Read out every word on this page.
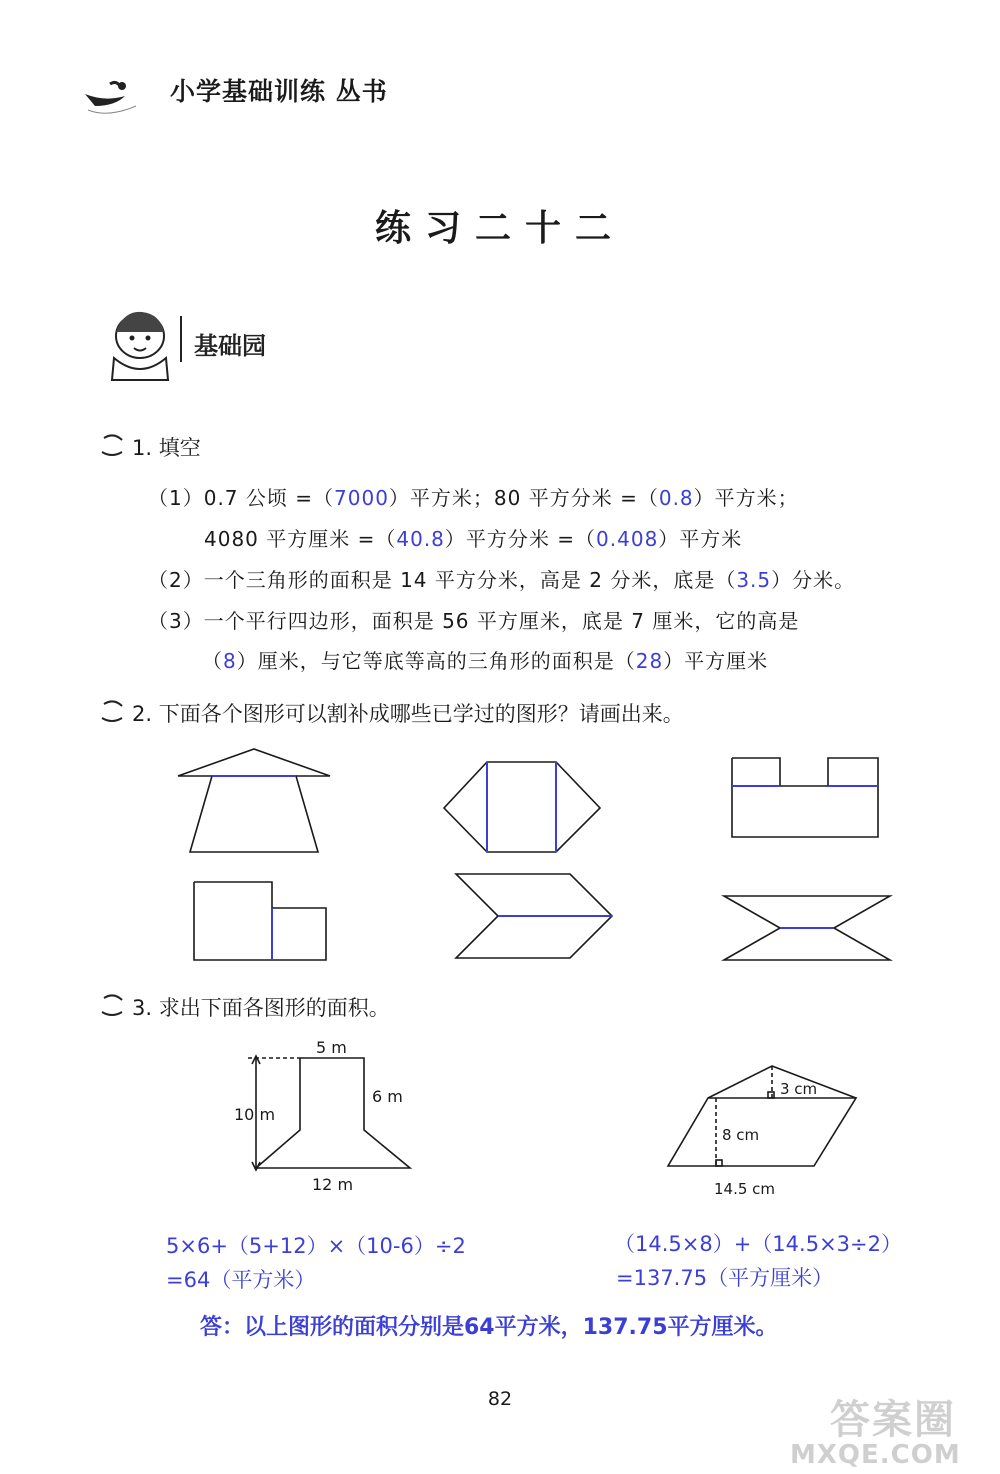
小学基础训练 丛书
练习二十二
基础园
1. 填空
（1）0.7 公顷 =（7000）平方米；80 平方分米 =（0.8）平方米；
4080 平方厘米 =（40.8）平方分米 =（0.408）平方米
（2）一个三角形的面积是 14 平方分米，高是 2 分米，底是（3.5）分米。
（3）一个平行四边形，面积是 56 平方厘米，底是 7 厘米，它的高是
（8）厘米，与它等底等高的三角形的面积是（28）平方厘米
2. 下面各个图形可以割补成哪些已学过的图形？请画出来。
3. 求出下面各图形的面积。
5 m
6 m
10 m
12 m
3 cm
8 cm
14.5 cm
5×6+（5+12）×（10-6）÷2
=64（平方米）
（14.5×8）+（14.5×3÷2）
=137.75（平方厘米）
答：以上图形的面积分别是64平方米，137.75平方厘米。
82	答案圈
MXQE.COM
